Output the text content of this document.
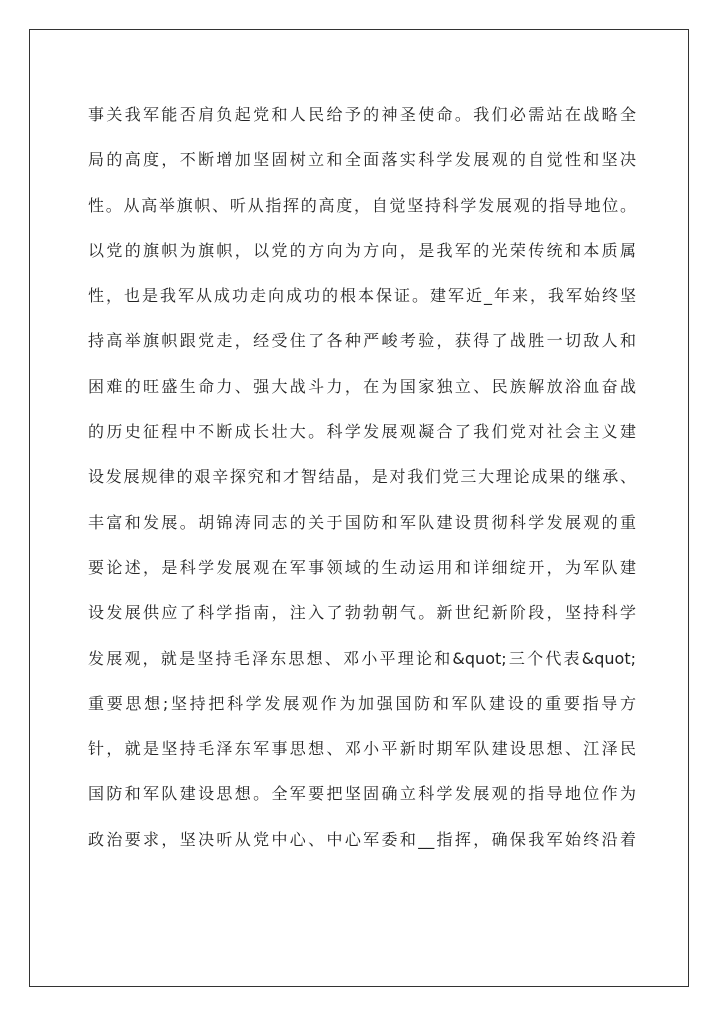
事关我军能否肩负起党和人民给予的神圣使命。我们必需站在战略全
局的高度，不断增加坚固树立和全面落实科学发展观的自觉性和坚决
性。从高举旗帜、听从指挥的高度，自觉坚持科学发展观的指导地位。
以党的旗帜为旗帜，以党的方向为方向，是我军的光荣传统和本质属
性，也是我军从成功走向成功的根本保证。建军近_年来，我军始终坚
持高举旗帜跟党走，经受住了各种严峻考验，获得了战胜一切敌人和
困难的旺盛生命力、强大战斗力，在为国家独立、民族解放浴血奋战
的历史征程中不断成长壮大。科学发展观凝合了我们党对社会主义建
设发展规律的艰辛探究和才智结晶，是对我们党三大理论成果的继承、
丰富和发展。胡锦涛同志的关于国防和军队建设贯彻科学发展观的重
要论述，是科学发展观在军事领域的生动运用和详细绽开，为军队建
设发展供应了科学指南，注入了勃勃朝气。新世纪新阶段，坚持科学
发展观，就是坚持毛泽东思想、邓小平理论和&quot;三个代表&quot;
重要思想;坚持把科学发展观作为加强国防和军队建设的重要指导方
针，就是坚持毛泽东军事思想、邓小平新时期军队建设思想、江泽民
国防和军队建设思想。全军要把坚固确立科学发展观的指导地位作为
政治要求，坚决听从党中心、中心军委和__指挥，确保我军始终沿着
